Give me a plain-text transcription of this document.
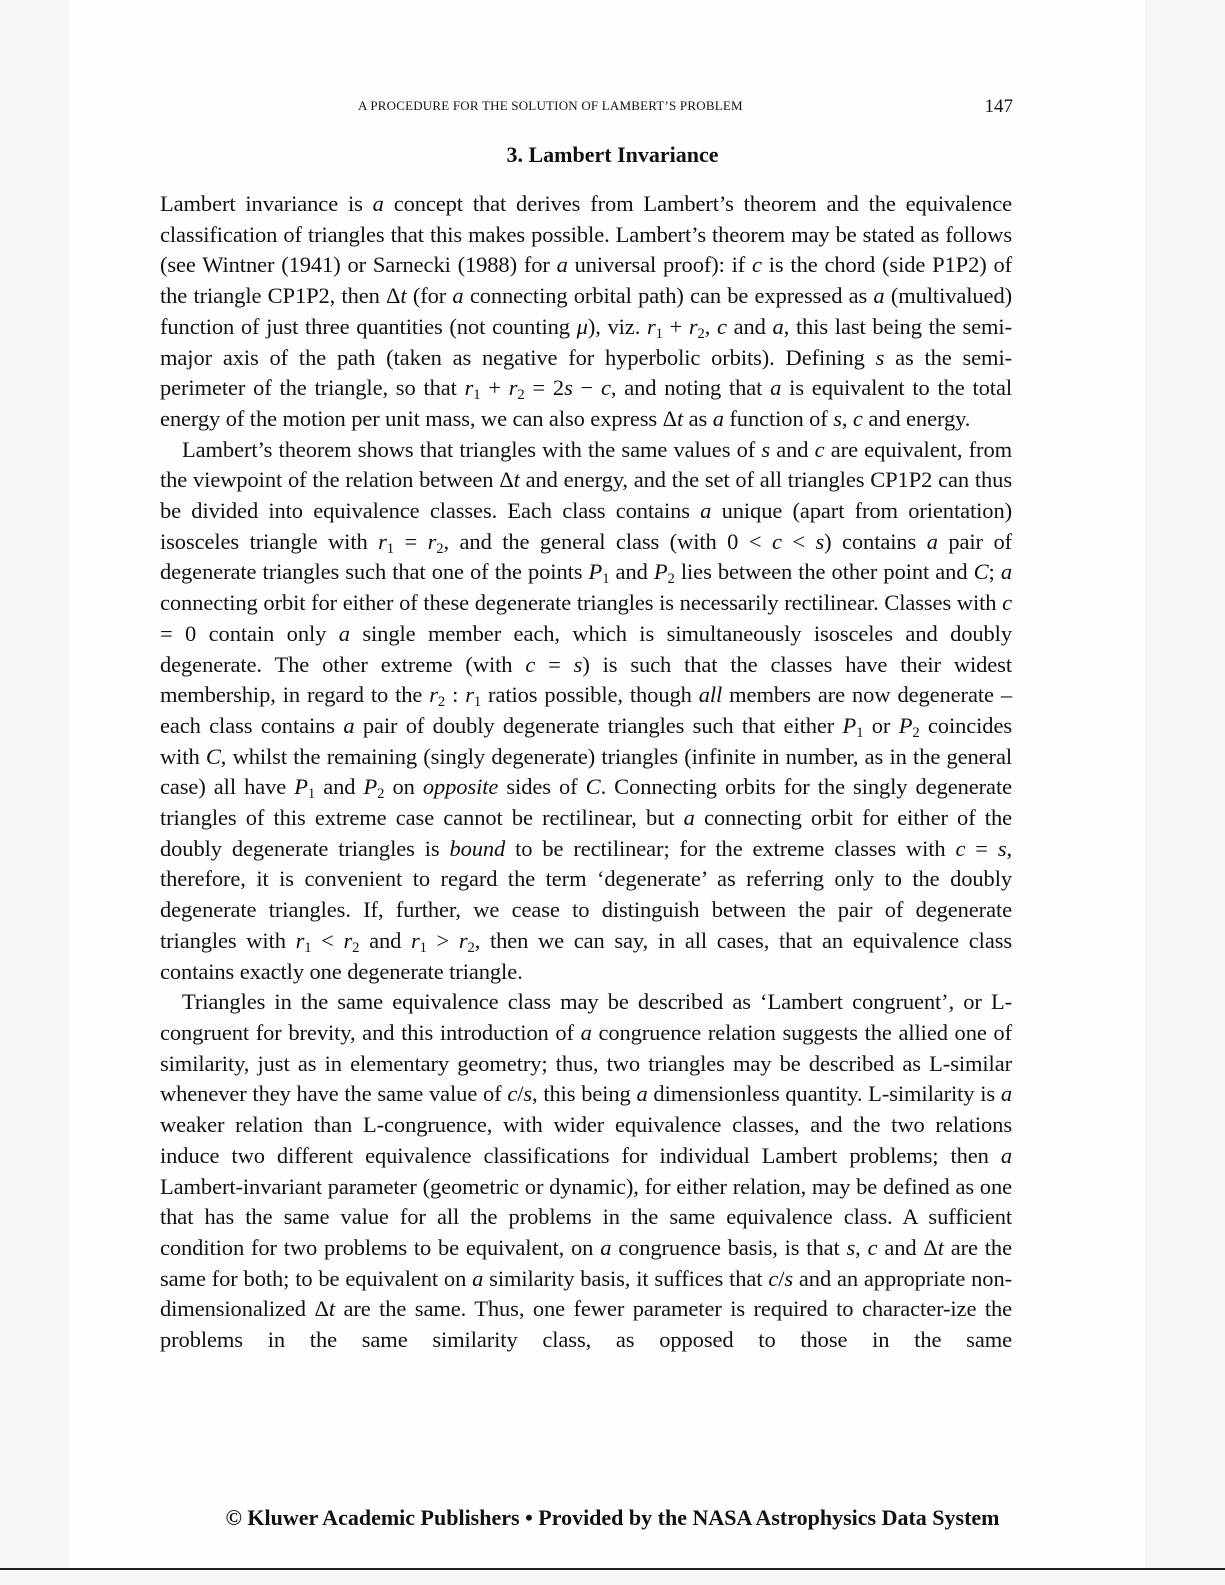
A PROCEDURE FOR THE SOLUTION OF LAMBERT’S PROBLEM	147
3. Lambert Invariance

Lambert invariance is a concept that derives from Lambert’s theorem and the equivalence classification of triangles that this makes possible. Lambert’s theorem may be stated as follows (see Wintner (1941) or Sarnecki (1988) for a universal proof): if c is the chord (side P1P2) of the triangle CP1P2, then Δt (for a connecting orbital path) can be expressed as a (multivalued) function of just three quantities (not counting μ), viz. $r_1 + r_2$, c and a, this last being the semi-major axis of the path (taken as negative for hyperbolic orbits). Defining s as the semi-perimeter of the triangle, so that $r_1 + r_2 = 2s - c$, and noting that a is equivalent to the total energy of the motion per unit mass, we can also express Δt as a function of s, c and energy.

Lambert’s theorem shows that triangles with the same values of s and c are equivalent, from the viewpoint of the relation between Δt and energy, and the set of all triangles CP1P2 can thus be divided into equivalence classes. Each class contains a unique (apart from orientation) isosceles triangle with $r_1 = r_2$, and the general class (with 0 < c < s) contains a pair of degenerate triangles such that one of the points $P_1$ and $P_2$ lies between the other point and C; a connecting orbit for either of these degenerate triangles is necessarily rectilinear. Classes with c = 0 contain only a single member each, which is simultaneously isosceles and doubly degenerate. The other extreme (with c = s) is such that the classes have their widest membership, in regard to the $r_2$ : $r_1$ ratios possible, though all members are now degenerate – each class contains a pair of doubly degenerate triangles such that either $P_1$ or $P_2$ coincides with C, whilst the remaining (singly degenerate) triangles (infinite in number, as in the general case) all have $P_1$ and $P_2$ on opposite sides of C. Connecting orbits for the singly degenerate triangles of this extreme case cannot be rectilinear, but a connecting orbit for either of the doubly degenerate triangles is bound to be rectilinear; for the extreme classes with c = s, therefore, it is convenient to regard the term ‘degenerate’ as referring only to the doubly degenerate triangles. If, further, we cease to distinguish between the pair of degenerate triangles with $r_1 < r_2$ and $r_1 > r_2$, then we can say, in all cases, that an equivalence class contains exactly one degenerate triangle.

Triangles in the same equivalence class may be described as ‘Lambert congruent’, or L-congruent for brevity, and this introduction of a congruence relation suggests the allied one of similarity, just as in elementary geometry; thus, two triangles may be described as L-similar whenever they have the same value of c/s, this being a dimensionless quantity. L-similarity is a weaker relation than L-congruence, with wider equivalence classes, and the two relations induce two different equivalence classifications for individual Lambert problems; then a Lambert-invariant parameter (geometric or dynamic), for either relation, may be defined as one that has the same value for all the problems in the same equivalence class. A sufficient condition for two problems to be equivalent, on a congruence basis, is that s, c and Δt are the same for both; to be equivalent on a similarity basis, it suffices that c/s and an appropriate non-dimensionalized Δt are the same. Thus, one fewer parameter is required to character-ize the problems in the same similarity class, as opposed to those in the same

© Kluwer Academic Publishers • Provided by the NASA Astrophysics Data System
